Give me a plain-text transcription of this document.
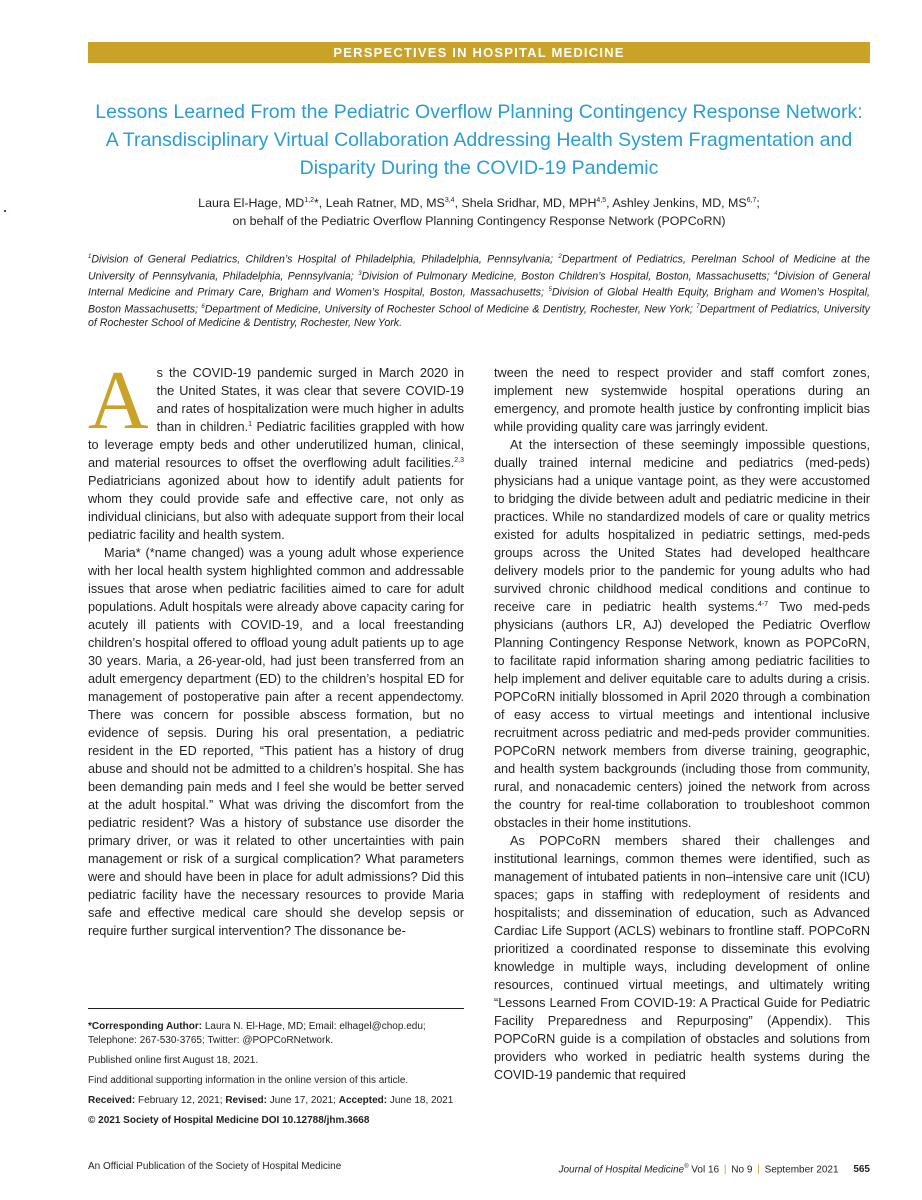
PERSPECTIVES IN HOSPITAL MEDICINE
Lessons Learned From the Pediatric Overflow Planning Contingency Response Network: A Transdisciplinary Virtual Collaboration Addressing Health System Fragmentation and Disparity During the COVID-19 Pandemic
Laura El-Hage, MD$^{1,2}$*, Leah Ratner, MD, MS$^{3,4}$, Shela Sridhar, MD, MPH$^{4,5}$, Ashley Jenkins, MD, MS$^{6,7}$;
on behalf of the Pediatric Overflow Planning Contingency Response Network (POPCoRN)
$^1$Division of General Pediatrics, Children’s Hospital of Philadelphia, Philadelphia, Pennsylvania; $^2$Department of Pediatrics, Perelman School of Medicine at the University of Pennsylvania, Philadelphia, Pennsylvania; $^3$Division of Pulmonary Medicine, Boston Children’s Hospital, Boston, Massachusetts; $^4$Division of General Internal Medicine and Primary Care, Brigham and Women’s Hospital, Boston, Massachusetts; $^5$Division of Global Health Equity, Brigham and Women’s Hospital, Boston Massachusetts; $^6$Department of Medicine, University of Rochester School of Medicine & Dentistry, Rochester, New York; $^7$Department of Pediatrics, University of Rochester School of Medicine & Dentistry, Rochester, New York.

As the COVID-19 pandemic surged in March 2020 in the United States, it was clear that severe COVID-19 and rates of hospitalization were much higher in adults than in children.$^1$ Pediatric facilities grappled with how to leverage empty beds and other underutilized human, clinical, and material resources to offset the overflowing adult facilities.$^{2,3}$ Pediatricians agonized about how to identify adult patients for whom they could provide safe and effective care, not only as individual clinicians, but also with adequate support from their local pediatric facility and health system.

Maria* (*name changed) was a young adult whose experience with her local health system highlighted common and addressable issues that arose when pediatric facilities aimed to care for adult populations. Adult hospitals were already above capacity caring for acutely ill patients with COVID-19, and a local freestanding children’s hospital offered to offload young adult patients up to age 30 years. Maria, a 26-year-old, had just been transferred from an adult emergency department (ED) to the children’s hospital ED for management of postoperative pain after a recent appendectomy. There was concern for possible abscess formation, but no evidence of sepsis. During his oral presentation, a pediatric resident in the ED reported, “This patient has a history of drug abuse and should not be admitted to a children’s hospital. She has been demanding pain meds and I feel she would be better served at the adult hospital.” What was driving the discomfort from the pediatric resident? Was a history of substance use disorder the primary driver, or was it related to other uncertainties with pain management or risk of a surgical complication? What parameters were and should have been in place for adult admissions? Did this pediatric facility have the necessary resources to provide Maria safe and effective medical care should she develop sepsis or require further surgical intervention? The dissonance be-

tween the need to respect provider and staff comfort zones, implement new systemwide hospital operations during an emergency, and promote health justice by confronting implicit bias while providing quality care was jarringly evident.

At the intersection of these seemingly impossible questions, dually trained internal medicine and pediatrics (med-peds) physicians had a unique vantage point, as they were accustomed to bridging the divide between adult and pediatric medicine in their practices. While no standardized models of care or quality metrics existed for adults hospitalized in pediatric settings, med-peds groups across the United States had developed healthcare delivery models prior to the pandemic for young adults who had survived chronic childhood medical conditions and continue to receive care in pediatric health systems.$^{4-7}$ Two med-peds physicians (authors LR, AJ) developed the Pediatric Overflow Planning Contingency Response Network, known as POPCoRN, to facilitate rapid information sharing among pediatric facilities to help implement and deliver equitable care to adults during a crisis. POPCoRN initially blossomed in April 2020 through a combination of easy access to virtual meetings and intentional inclusive recruitment across pediatric and med-peds provider communities. POPCoRN network members from diverse training, geographic, and health system backgrounds (including those from community, rural, and nonacademic centers) joined the network from across the country for real-time collaboration to troubleshoot common obstacles in their home institutions.

As POPCoRN members shared their challenges and institutional learnings, common themes were identified, such as management of intubated patients in non–intensive care unit (ICU) spaces; gaps in staffing with redeployment of residents and hospitalists; and dissemination of education, such as Advanced Cardiac Life Support (ACLS) webinars to frontline staff. POPCoRN prioritized a coordinated response to disseminate this evolving knowledge in multiple ways, including development of online resources, continued virtual meetings, and ultimately writing “Lessons Learned From COVID-19: A Practical Guide for Pediatric Facility Preparedness and Repurposing” (Appendix). This POPCoRN guide is a compilation of obstacles and solutions from providers who worked in pediatric health systems during the COVID-19 pandemic that required

*Corresponding Author: Laura N. El-Hage, MD; Email: elhagel@chop.edu; Telephone: 267-530-3765; Twitter: @POPCoRNetwork.

Published online first August 18, 2021.

Find additional supporting information in the online version of this article.

Received: February 12, 2021; Revised: June 17, 2021; Accepted: June 18, 2021

© 2021 Society of Hospital Medicine DOI 10.12788/jhm.3668

An Official Publication of the Society of Hospital Medicine	Journal of Hospital Medicine® Vol 16 | No 9 | September 2021 565
